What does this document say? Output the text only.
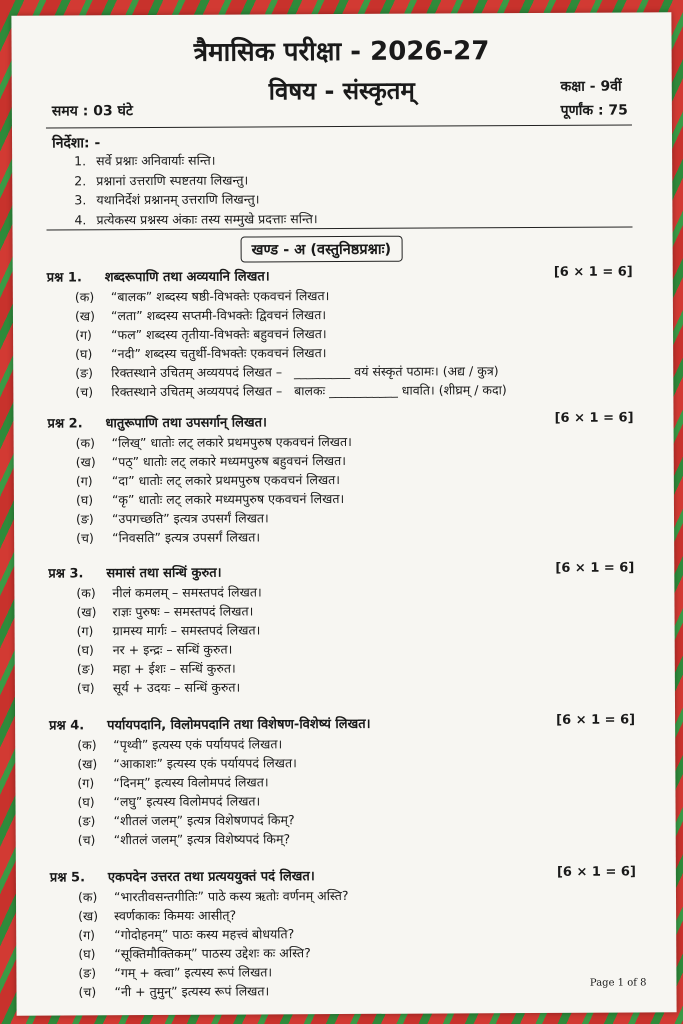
त्रैमासिक परीक्षा - 2026-27
विषय - संस्कृतम्
समय : 03 घंटे
कक्षा - 9वीं
पूर्णांक : 75
निर्देशा: -
1. सर्वे प्रश्नाः अनिवार्याः सन्ति।
2. प्रश्नानां उत्तराणि स्पष्टतया लिखन्तु।
3. यथानिर्देशं प्रश्नानम् उत्तराणि लिखन्तु।
4. प्रत्येकस्य प्रश्नस्य अंकाः तस्य सम्मुखे प्रदत्ताः सन्ति।
खण्ड - अ (वस्तुनिष्ठप्रश्नाः)
प्रश्न 1. शब्दरूपाणि तथा अव्ययानि लिखत।	[6 × 1 = 6]
(क)	“बालक” शब्दस्य षष्ठी-विभक्तेः एकवचनं लिखत।
(ख)	“लता” शब्दस्य सप्तमी-विभक्तेः द्विवचनं लिखत।
(ग)	“फल” शब्दस्य तृतीया-विभक्तेः बहुवचनं लिखत।
(घ)	“नदी” शब्दस्य चतुर्थी-विभक्तेः एकवचनं लिखत।
(ङ)	रिक्तस्थाने उचितम् अव्ययपदं लिखत –   _________ वयं संस्कृतं पठामः। (अद्य / कुत्र)
(च)	रिक्तस्थाने उचितम् अव्ययपदं लिखत –   बालकः ___________ धावति। (शीघ्रम् / कदा)
प्रश्न 2. धातुरूपाणि तथा उपसर्गान् लिखत।	[6 × 1 = 6]
(क)	“लिख्” धातोः लट् लकारे प्रथमपुरुष एकवचनं लिखत।
(ख)	“पठ्” धातोः लट् लकारे मध्यमपुरुष बहुवचनं लिखत।
(ग)	“दा” धातोः लट् लकारे प्रथमपुरुष एकवचनं लिखत।
(घ)	“कृ” धातोः लट् लकारे मध्यमपुरुष एकवचनं लिखत।
(ङ)	“उपगच्छति” इत्यत्र उपसर्गं लिखत।
(च)	“निवसति” इत्यत्र उपसर्गं लिखत।
प्रश्न 3. समासं तथा सन्धिं कुरुत।	[6 × 1 = 6]
(क)	नीलं कमलम् – समस्तपदं लिखत।
(ख)	राज्ञः पुरुषः – समस्तपदं लिखत।
(ग)	ग्रामस्य मार्गः – समस्तपदं लिखत।
(घ)	नर + इन्द्रः – सन्धिं कुरुत।
(ङ)	महा + ईशः – सन्धिं कुरुत।
(च)	सूर्य + उदयः – सन्धिं कुरुत।
प्रश्न 4. पर्यायपदानि, विलोमपदानि तथा विशेषण-विशेष्यं लिखत।	[6 × 1 = 6]
(क)	“पृथ्वी” इत्यस्य एकं पर्यायपदं लिखत।
(ख)	“आकाशः” इत्यस्य एकं पर्यायपदं लिखत।
(ग)	“दिनम्” इत्यस्य विलोमपदं लिखत।
(घ)	“लघु” इत्यस्य विलोमपदं लिखत।
(ङ)	“शीतलं जलम्” इत्यत्र विशेषणपदं किम्?
(च)	“शीतलं जलम्” इत्यत्र विशेष्यपदं किम्?
प्रश्न 5. एकपदेन उत्तरत तथा प्रत्यययुक्तं पदं लिखत।	[6 × 1 = 6]
(क)	“भारतीवसन्तगीतिः” पाठे कस्य ऋतोः वर्णनम् अस्ति?
(ख)	स्वर्णकाकः किमयः आसीत्?
(ग)	“गोदोहनम्” पाठः कस्य महत्त्वं बोधयति?
(घ)	“सूक्तिमौक्तिकम्” पाठस्य उद्देशः कः अस्ति?
(ङ)	“गम् + क्त्वा” इत्यस्य रूपं लिखत।
(च)	“नी + तुमुन्” इत्यस्य रूपं लिखत।
Page 1 of 8
